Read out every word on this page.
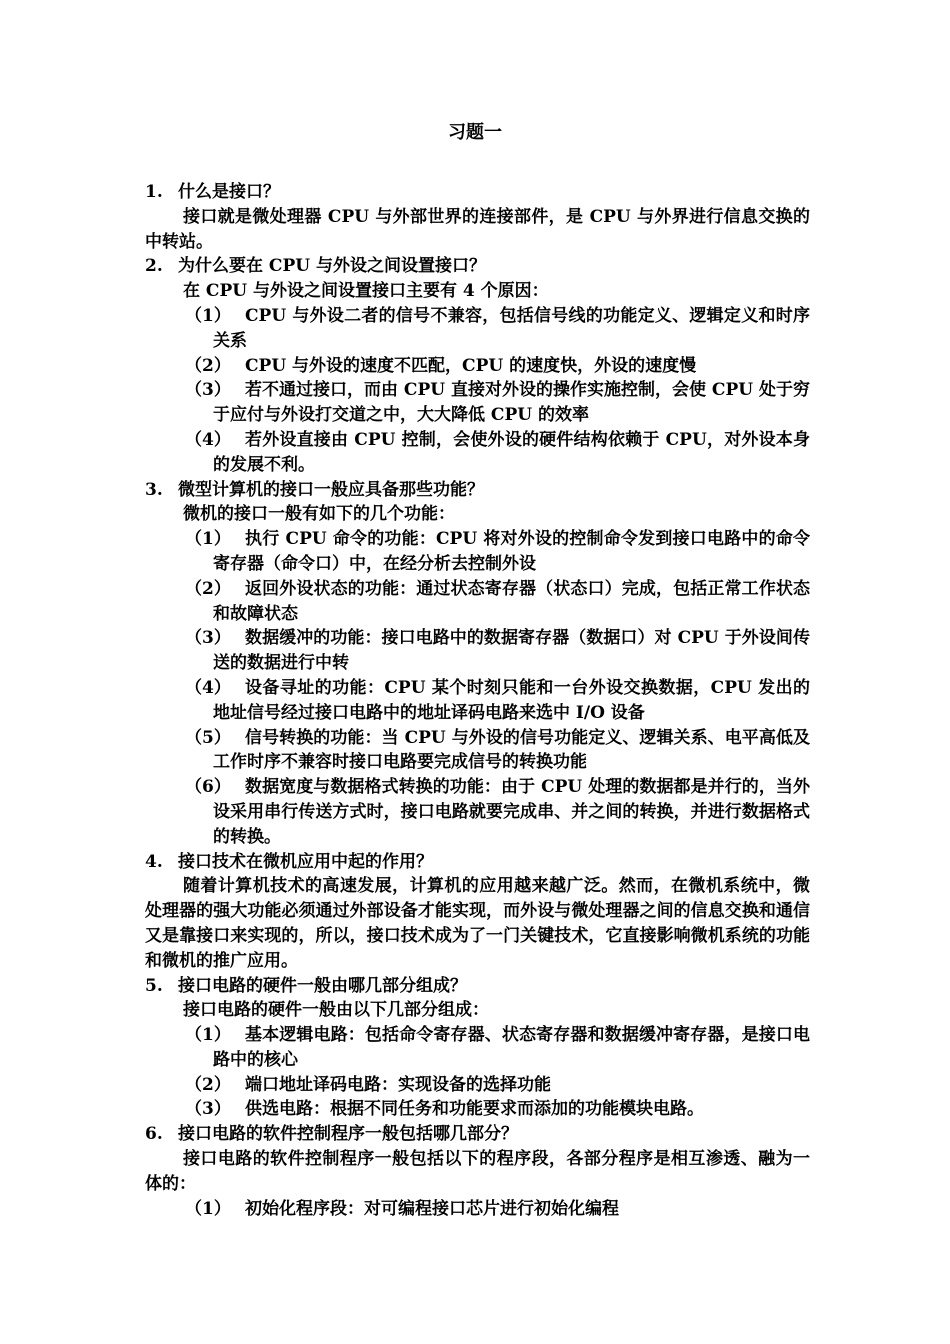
习题一
1. 什么是接口？
接口就是微处理器 CPU 与外部世界的连接部件，是 CPU 与外界进行信息交换的中转站。
2. 为什么要在 CPU 与外设之间设置接口？
在 CPU 与外设之间设置接口主要有 4 个原因：
（1） CPU 与外设二者的信号不兼容，包括信号线的功能定义、逻辑定义和时序关系
（2） CPU 与外设的速度不匹配，CPU 的速度快，外设的速度慢
（3） 若不通过接口，而由 CPU 直接对外设的操作实施控制，会使 CPU 处于穷于应付与外设打交道之中，大大降低 CPU 的效率
（4） 若外设直接由 CPU 控制，会使外设的硬件结构依赖于 CPU，对外设本身的发展不利。
3. 微型计算机的接口一般应具备那些功能？
微机的接口一般有如下的几个功能：
（1） 执行 CPU 命令的功能：CPU 将对外设的控制命令发到接口电路中的命令寄存器（命令口）中，在经分析去控制外设
（2） 返回外设状态的功能：通过状态寄存器（状态口）完成，包括正常工作状态和故障状态
（3） 数据缓冲的功能：接口电路中的数据寄存器（数据口）对 CPU 于外设间传送的数据进行中转
（4） 设备寻址的功能：CPU 某个时刻只能和一台外设交换数据，CPU 发出的地址信号经过接口电路中的地址译码电路来选中 I/O 设备
（5） 信号转换的功能：当 CPU 与外设的信号功能定义、逻辑关系、电平高低及工作时序不兼容时接口电路要完成信号的转换功能
（6） 数据宽度与数据格式转换的功能：由于 CPU 处理的数据都是并行的，当外设采用串行传送方式时，接口电路就要完成串、并之间的转换，并进行数据格式的转换。
4. 接口技术在微机应用中起的作用？
随着计算机技术的高速发展，计算机的应用越来越广泛。然而，在微机系统中，微处理器的强大功能必须通过外部设备才能实现，而外设与微处理器之间的信息交换和通信又是靠接口来实现的，所以，接口技术成为了一门关键技术，它直接影响微机系统的功能和微机的推广应用。
5. 接口电路的硬件一般由哪几部分组成？
接口电路的硬件一般由以下几部分组成：
（1） 基本逻辑电路：包括命令寄存器、状态寄存器和数据缓冲寄存器，是接口电路中的核心
（2） 端口地址译码电路：实现设备的选择功能
（3） 供选电路：根据不同任务和功能要求而添加的功能模块电路。
6. 接口电路的软件控制程序一般包括哪几部分？
接口电路的软件控制程序一般包括以下的程序段，各部分程序是相互渗透、融为一体的：
（1） 初始化程序段：对可编程接口芯片进行初始化编程
